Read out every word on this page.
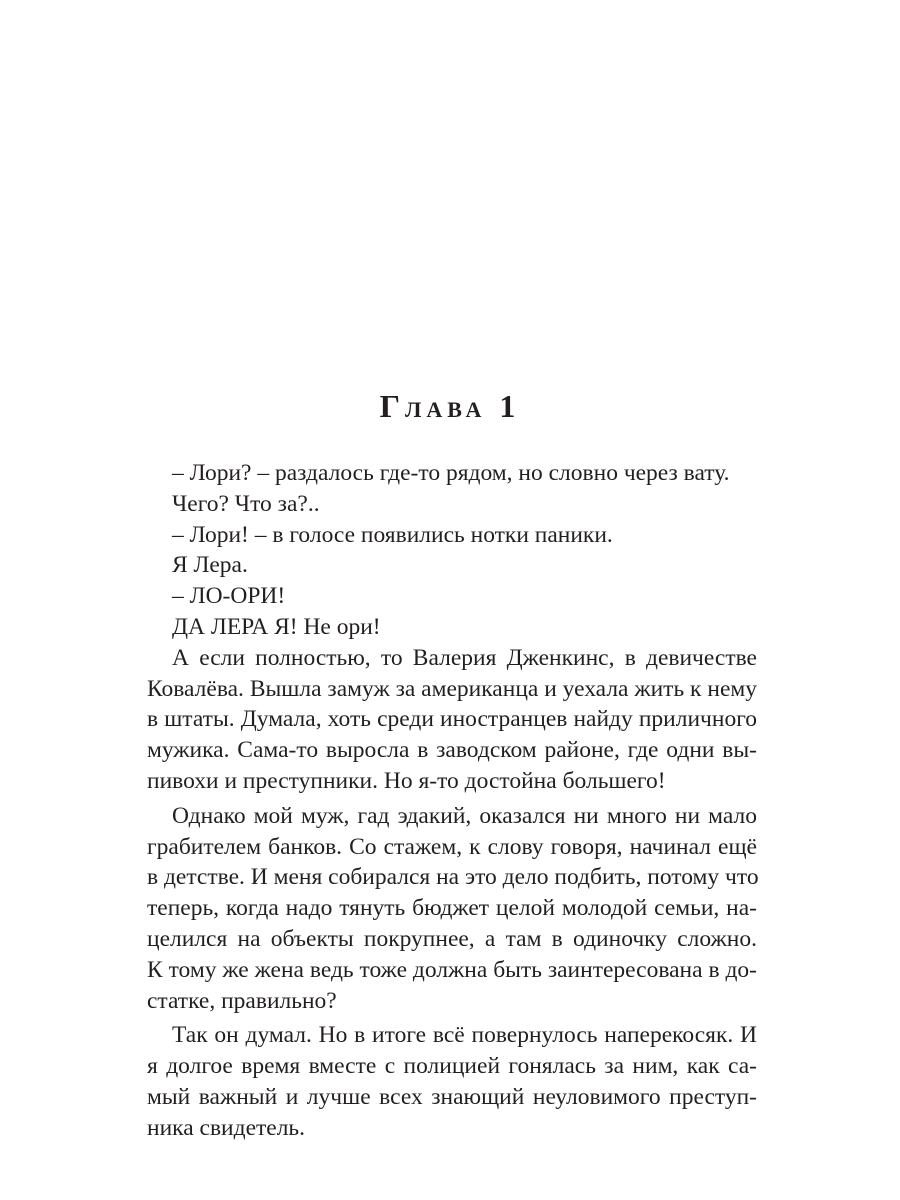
Глава 1
– Лори? – раздалось где-то рядом, но словно через вату.
Чего? Что за?..
– Лори! – в голосе появились нотки паники.
Я Лера.
– ЛО-ОРИ!
ДА ЛЕРА Я! Не ори!
А если полностью, то Валерия Дженкинс, в девичестве
Ковалёва. Вышла замуж за американца и уехала жить к нему
в штаты. Думала, хоть среди иностранцев найду приличного
мужика. Сама-то выросла в заводском районе, где одни вы-
пивохи и преступники. Но я-то достойна большего!
Однако мой муж, гад эдакий, оказался ни много ни мало
грабителем банков. Со стажем, к слову говоря, начинал ещё
в детстве. И меня собирался на это дело подбить, потому что
теперь, когда надо тянуть бюджет целой молодой семьи, на-
целился на объекты покрупнее, а там в одиночку сложно.
К тому же жена ведь тоже должна быть заинтересована в до-
статке, правильно?
Так он думал. Но в итоге всё повернулось наперекосяк. И
я долгое время вместе с полицией гонялась за ним, как са-
мый важный и лучше всех знающий неуловимого преступ-
ника свидетель.
